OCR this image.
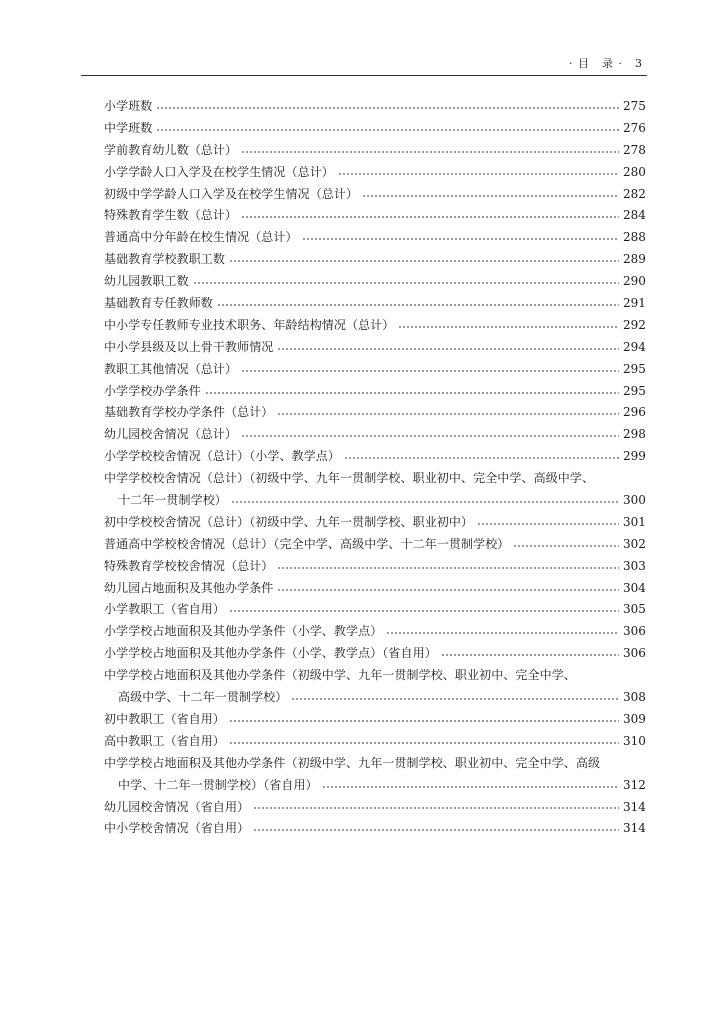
· 目　录 ·　3
小学班数	275
中学班数	276
学前教育幼儿数（总计）	278
小学学龄人口入学及在校学生情况（总计）	280
初级中学学龄人口入学及在校学生情况（总计）	282
特殊教育学生数（总计）	284
普通高中分年龄在校生情况（总计）	288
基础教育学校教职工数	289
幼儿园教职工数	290
基础教育专任教师数	291
中小学专任教师专业技术职务、年龄结构情况（总计）	292
中小学县级及以上骨干教师情况	294
教职工其他情况（总计）	295
小学学校办学条件	295
基础教育学校办学条件（总计）	296
幼儿园校舍情况（总计）	298
小学学校校舍情况（总计）（小学、教学点）	299
中学学校校舍情况（总计）（初级中学、九年一贯制学校、职业初中、完全中学、高级中学、
十二年一贯制学校）	300
初中学校校舍情况（总计）（初级中学、九年一贯制学校、职业初中）	301
普通高中学校校舍情况（总计）（完全中学、高级中学、十二年一贯制学校）	302
特殊教育学校校舍情况（总计）	303
幼儿园占地面积及其他办学条件	304
小学教职工（省自用）	305
小学学校占地面积及其他办学条件（小学、教学点）	306
小学学校占地面积及其他办学条件（小学、教学点）（省自用）	306
中学学校占地面积及其他办学条件（初级中学、九年一贯制学校、职业初中、完全中学、
高级中学、十二年一贯制学校）	308
初中教职工（省自用）	309
高中教职工（省自用）	310
中学学校占地面积及其他办学条件（初级中学、九年一贯制学校、职业初中、完全中学、高级
中学、十二年一贯制学校）（省自用）	312
幼儿园校舍情况（省自用）	314
中小学校舍情况（省自用）	314
